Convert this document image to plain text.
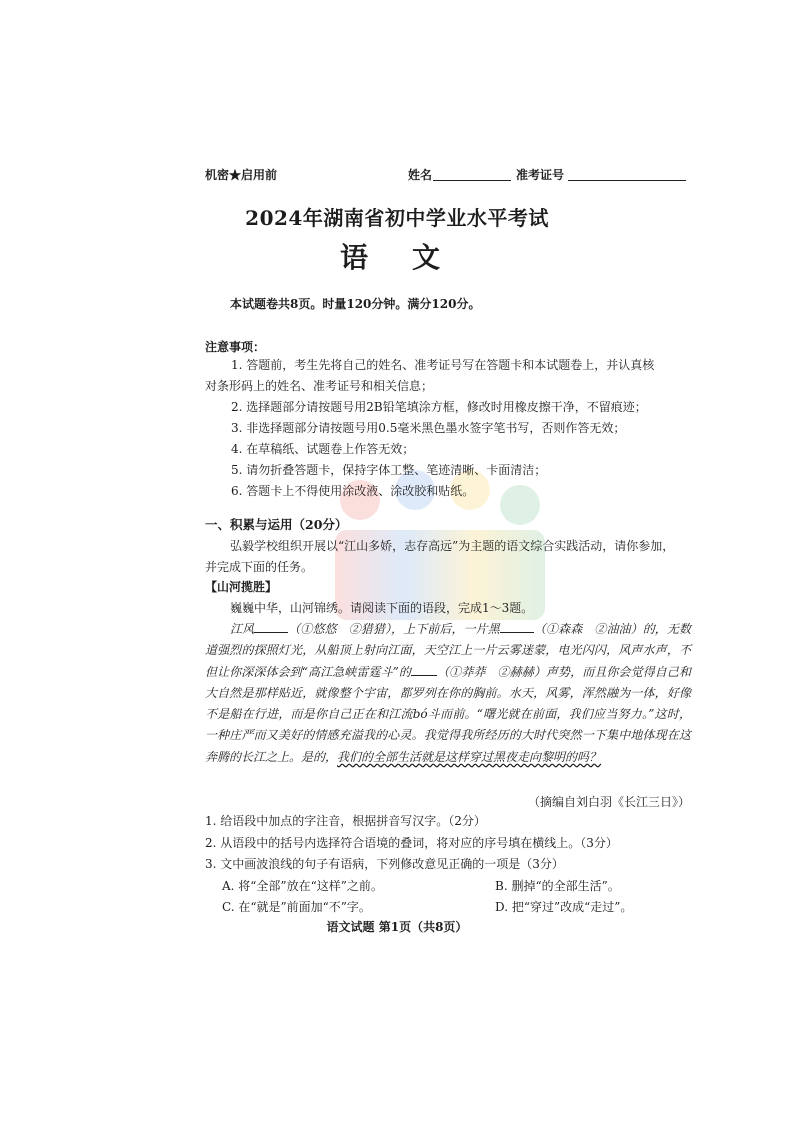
机密★启用前	姓名	准考证号
2024年湖南省初中学业水平考试
语文
本试题卷共8页。时量120分钟。满分120分。
注意事项：
1. 答题前，考生先将自己的姓名、准考证号写在答题卡和本试题卷上，并认真核对条形码上的姓名、准考证号和相关信息；
2. 选择题部分请按题号用2B铅笔填涂方框，修改时用橡皮擦干净，不留痕迹；
3. 非选择题部分请按题号用0.5毫米黑色墨水签字笔书写，否则作答无效；
4. 在草稿纸、试题卷上作答无效；
5. 请勿折叠答题卡，保持字体工整、笔迹清晰、卡面清洁；
6. 答题卡上不得使用涂改液、涂改胶和贴纸。
一、积累与运用（20分）
弘毅学校组织开展以“江山多娇，志存高远”为主题的语文综合实践活动，请你参加，并完成下面的任务。
【山河揽胜】
巍巍中华，山河锦绣。请阅读下面的语段，完成1～3题。

江风	（①悠悠　②猎猎），上下前后，一片黑	（①森森　②油油）的，无数道强烈的探照灯光，从船顶上射向江面，天空江上一片云雾迷蒙，电光闪闪，风声水声，不但让你深深体会到“高江急峡雷霆斗”的 （①莽莽　②赫赫）声势，而且你会觉得自己和大自然是那样贴近，就像整个宇宙，都罗列在你的胸前。水天，风雾，浑然融为一体，好像不是船在行进，而是你自己正在和江流bó斗而前。“曙光就在前面，我们应当努力。”这时，一种庄严而又美好的情感充溢我的心灵。我觉得我所经历的大时代突然一下集中地体现在这奔腾的长江之上。是的，我们的全部生活就是这样穿过黑夜走向黎明的吗？

（摘编自刘白羽《长江三日》）
1. 给语段中加点的字注音，根据拼音写汉字。（2分）
2. 从语段中的括号内选择符合语境的叠词，将对应的序号填在横线上。（3分）
3. 文中画波浪线的句子有语病，下列修改意见正确的一项是（3分）
A. 将“全部”放在“这样”之前。	B. 删掉“的全部生活”。
C. 在“就是”前面加“不”字。	D. 把“穿过”改成“走过”。
语文试题 第1页（共8页）
